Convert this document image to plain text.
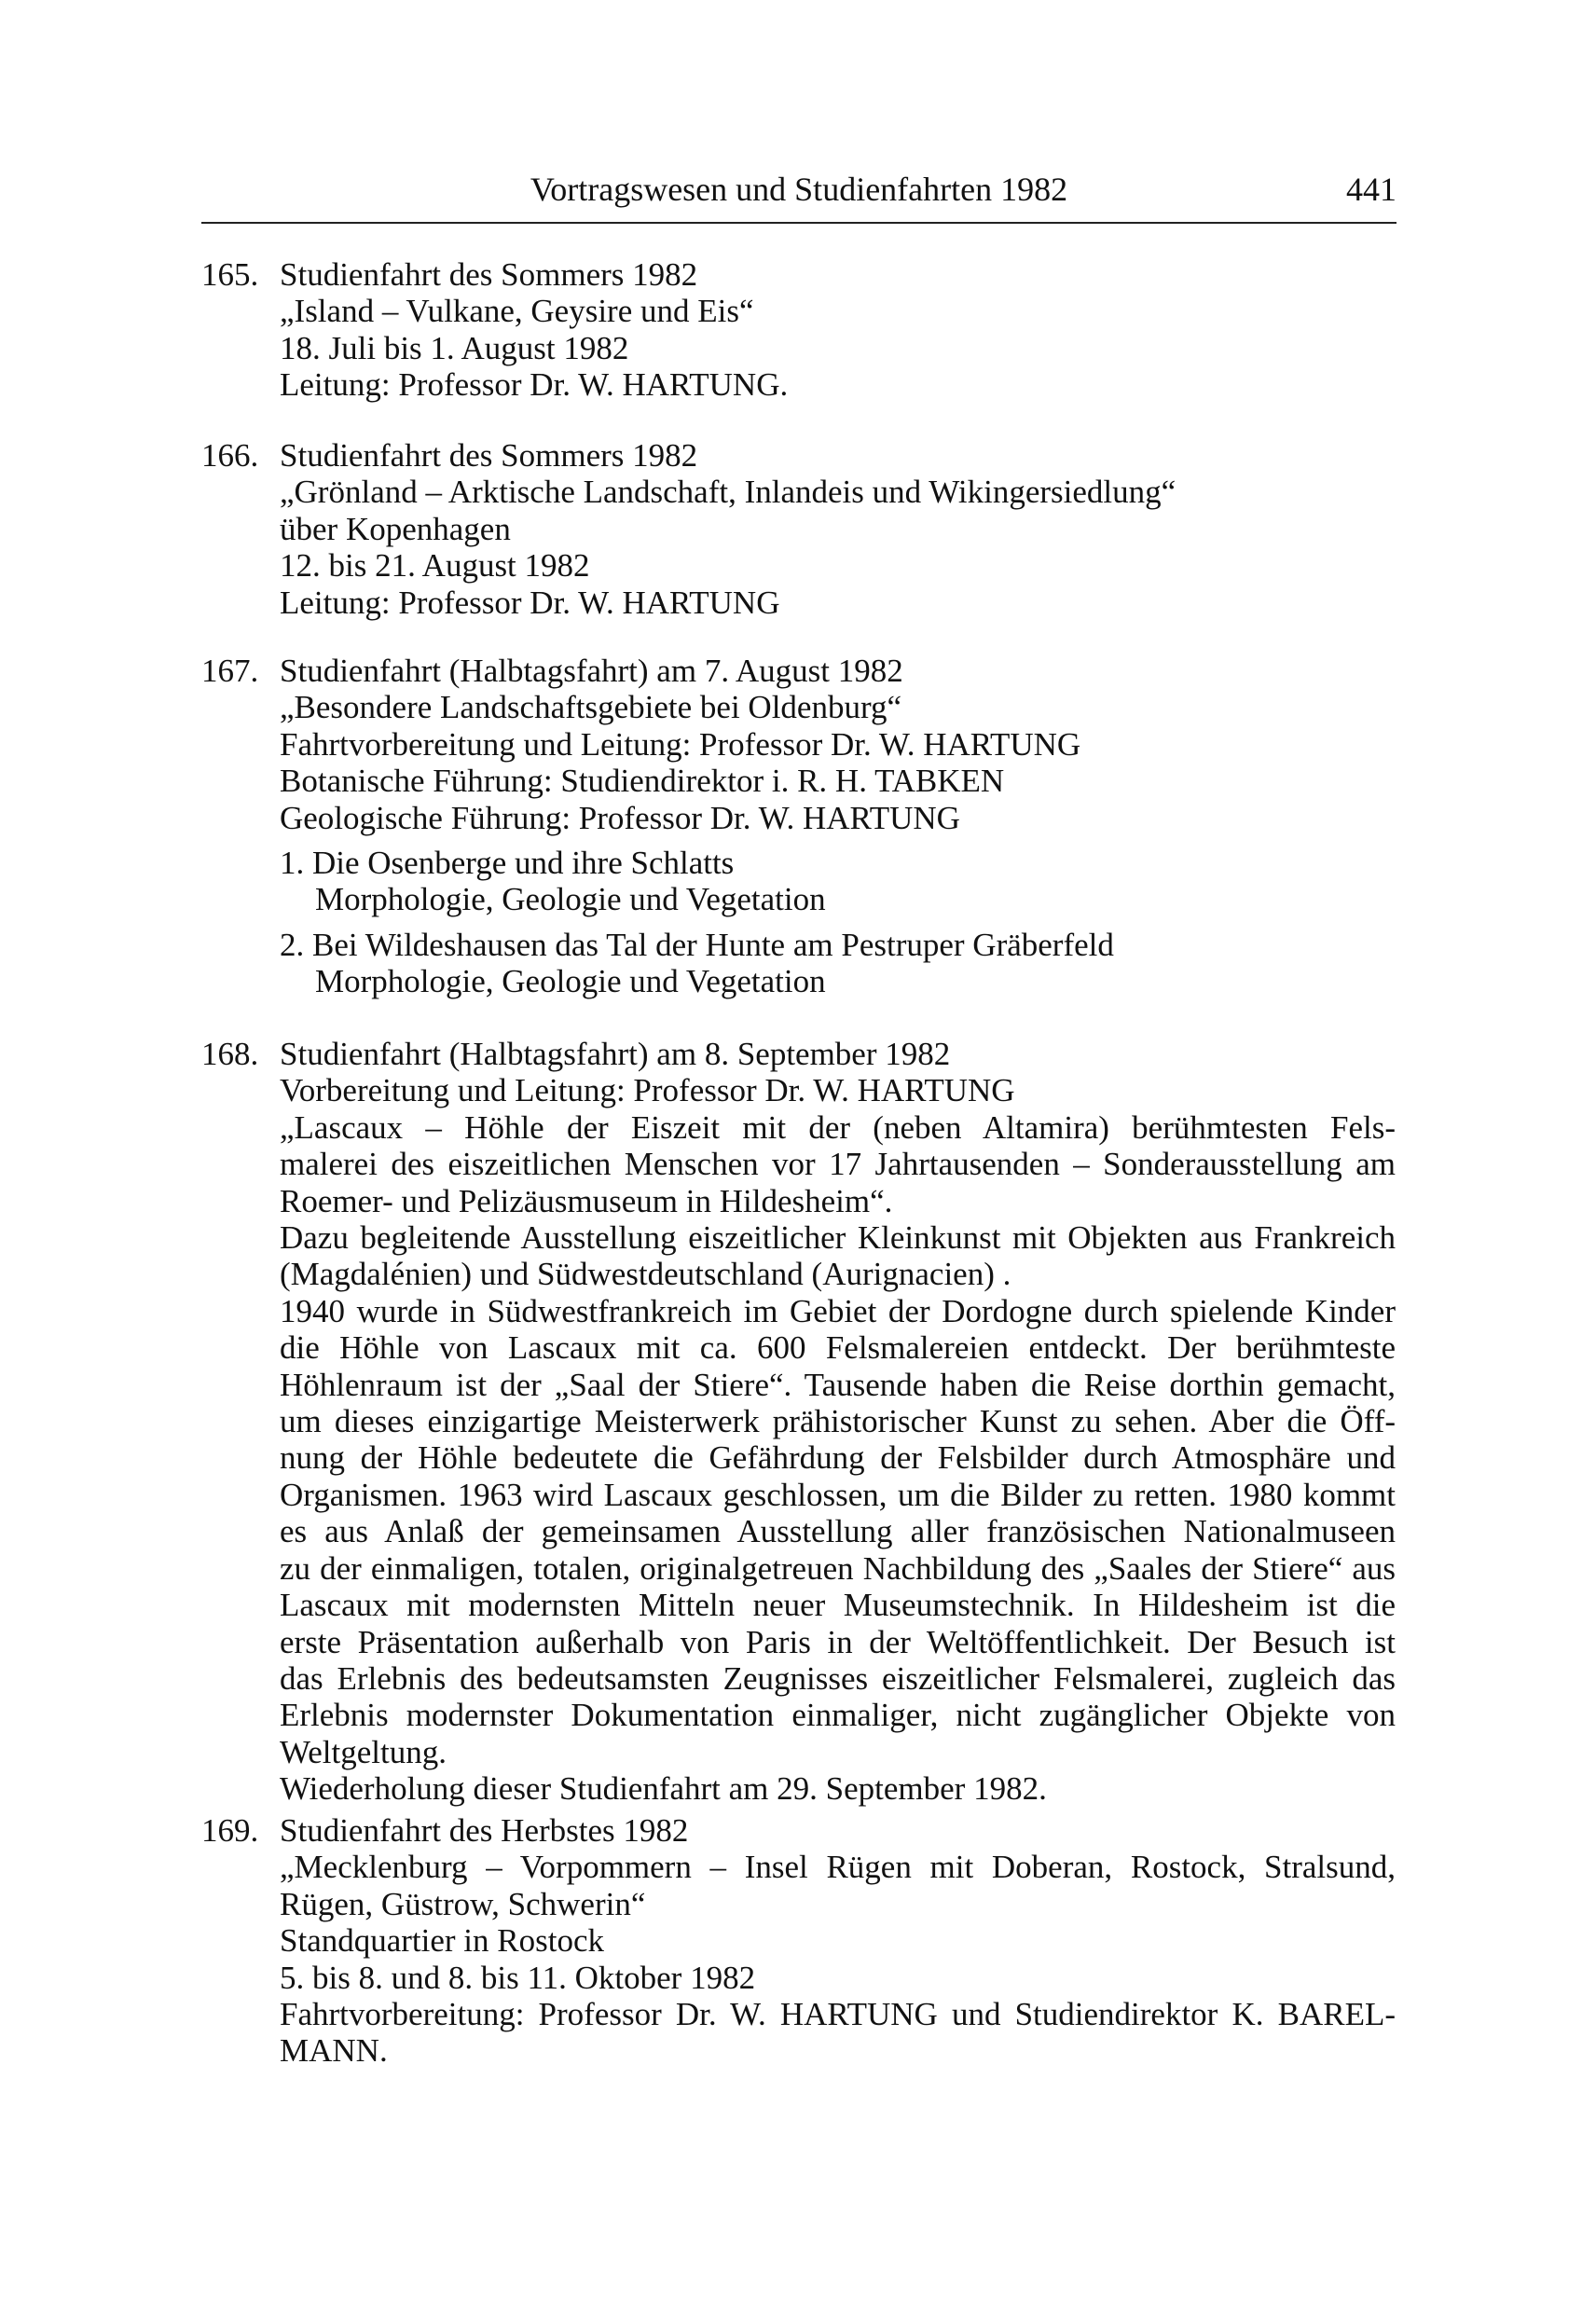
Vortragswesen und Studienfahrten 1982	441
165. Studienfahrt des Sommers 1982
„Island – Vulkane, Geysire und Eis“
18. Juli bis 1. August 1982
Leitung: Professor Dr. W. HARTUNG.
166. Studienfahrt des Sommers 1982
„Grönland – Arktische Landschaft, Inlandeis und Wikingersiedlung“
über Kopenhagen
12. bis 21. August 1982
Leitung: Professor Dr. W. HARTUNG
167. Studienfahrt (Halbtagsfahrt) am 7. August 1982
„Besondere Landschaftsgebiete bei Oldenburg“
Fahrtvorbereitung und Leitung: Professor Dr. W. HARTUNG
Botanische Führung: Studiendirektor i. R. H. TABKEN
Geologische Führung: Professor Dr. W. HARTUNG
1. Die Osenberge und ihre Schlatts
Morphologie, Geologie und Vegetation
2. Bei Wildeshausen das Tal der Hunte am Pestruper Gräberfeld
Morphologie, Geologie und Vegetation
168. Studienfahrt (Halbtagsfahrt) am 8. September 1982
Vorbereitung und Leitung: Professor Dr. W. HARTUNG
„Lascaux – Höhle der Eiszeit mit der (neben Altamira) berühmtesten Fels-
malerei des eiszeitlichen Menschen vor 17 Jahrtausenden – Sonderausstellung am
Roemer- und Pelizäusmuseum in Hildesheim“.
Dazu begleitende Ausstellung eiszeitlicher Kleinkunst mit Objekten aus Frankreich
(Magdalénien) und Südwestdeutschland (Aurignacien) .
1940 wurde in Südwestfrankreich im Gebiet der Dordogne durch spielende Kinder
die Höhle von Lascaux mit ca. 600 Felsmalereien entdeckt. Der berühmteste
Höhlenraum ist der „Saal der Stiere“. Tausende haben die Reise dorthin gemacht,
um dieses einzigartige Meisterwerk prähistorischer Kunst zu sehen. Aber die Öff-
nung der Höhle bedeutete die Gefährdung der Felsbilder durch Atmosphäre und
Organismen. 1963 wird Lascaux geschlossen, um die Bilder zu retten. 1980 kommt
es aus Anlaß der gemeinsamen Ausstellung aller französischen Nationalmuseen
zu der einmaligen, totalen, originalgetreuen Nachbildung des „Saales der Stiere“ aus
Lascaux mit modernsten Mitteln neuer Museumstechnik. In Hildesheim ist die
erste Präsentation außerhalb von Paris in der Weltöffentlichkeit. Der Besuch ist
das Erlebnis des bedeutsamsten Zeugnisses eiszeitlicher Felsmalerei, zugleich das
Erlebnis modernster Dokumentation einmaliger, nicht zugänglicher Objekte von
Weltgeltung.
Wiederholung dieser Studienfahrt am 29. September 1982.
169. Studienfahrt des Herbstes 1982
„Mecklenburg – Vorpommern – Insel Rügen mit Doberan, Rostock, Stralsund,
Rügen, Güstrow, Schwerin“
Standquartier in Rostock
5. bis 8. und 8. bis 11. Oktober 1982
Fahrtvorbereitung: Professor Dr. W. HARTUNG und Studiendirektor K. BAREL-
MANN.
